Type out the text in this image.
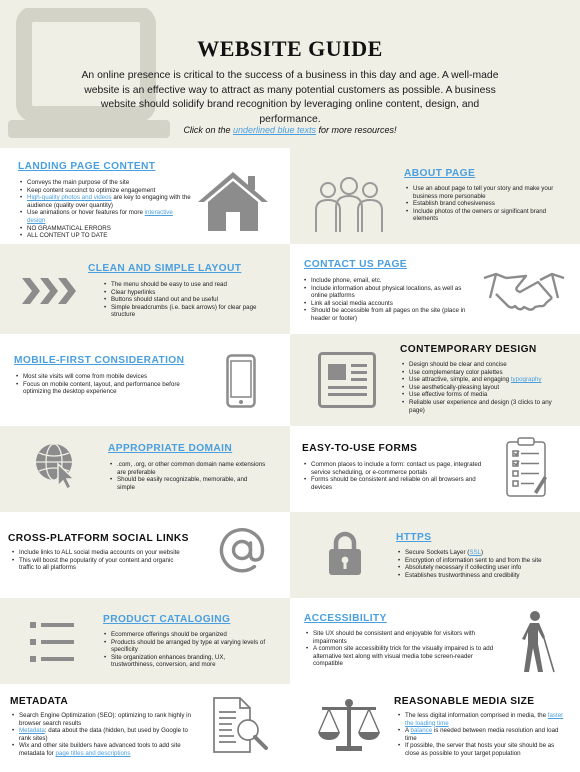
WEBSITE GUIDE
An online presence is critical to the success of a business in this day and age. A well-made website is an effective way to attract as many potential customers as possible. A business website should solidify brand recognition by leveraging online content, design, and performance.
Click on the underlined blue texts for more resources!
LANDING PAGE CONTENT
• Conveys the main purpose of the site
• Keep content succinct to optimize engagement
• High-quality photos and videos are key to engaging with the audience (quality over quantity)
• Use animations or hover features for more interactive design
• NO GRAMMATICAL ERRORS
• ALL CONTENT UP TO DATE
ABOUT PAGE
• Use an about page to tell your story and make your business more personable
• Establish brand cohesiveness
• Include photos of the owners or significant brand elements
CLEAN AND SIMPLE LAYOUT
• The menu should be easy to use and read
• Clear hyperlinks
• Buttons should stand out and be useful
• Simple breadcrumbs (i.e. back arrows) for clear page structure
CONTACT US PAGE
• Include phone, email, etc.
• Include information about physical locations, as well as online platforms
• Link all social media accounts
• Should be accessible from all pages on the site (place in header or footer)
MOBILE-FIRST CONSIDERATION
• Most site visits will come from mobile devices
• Focus on mobile content, layout, and performance before optimizing the desktop experience
CONTEMPORARY DESIGN
• Design should be clear and concise
• Use complementary color palettes
• Use attractive, simple, and engaging typography
• Use aesthetically-pleasing layout
• Use effective forms of media
• Reliable user experience and design (3 clicks to any page)
APPROPRIATE DOMAIN
• .com, .org, or other common domain name extensions are preferable
• Should be easily recognizable, memorable, and simple
EASY-TO-USE FORMS
• Common places to include a form: contact us page, integrated service scheduling, or e-commerce portals
• Forms should be consistent and reliable on all browsers and devices
CROSS-PLATFORM SOCIAL LINKS
• Include links to ALL social media accounts on your website
• This will boost the popularity of your content and organic traffic to all platforms
HTTPS
• Secure Sockets Layer (SSL)
• Encryption of information sent to and from the site
• Absolutely necessary if collecting user info
• Establishes trustworthiness and credibility
PRODUCT CATALOGING
• Ecommerce offerings should be organized
• Products should be arranged by type at varying levels of specificity
• Site organization enhances branding, UX, trustworthiness, conversion, and more
ACCESSIBILITY
• Site UX should be consistent and enjoyable for visitors with impairments
• A common site accessibility trick for the visually impaired is to add alternative text along with visual media tobe screen-reader compatible
METADATA
• Search Engine Optimization (SEO): optimizing to rank highly in browser search results
• Metadata: data about the data (hidden, but used by Google to rank sites)
• Wix and other site builders have advanced tools to add site metadata for page titles and descriptions
REASONABLE MEDIA SIZE
• The less digital information comprised in media, the faster the loading time
• A balance is needed between media resolution and load time
• If possible, the server that hosts your site should be as close as possible to your target population
